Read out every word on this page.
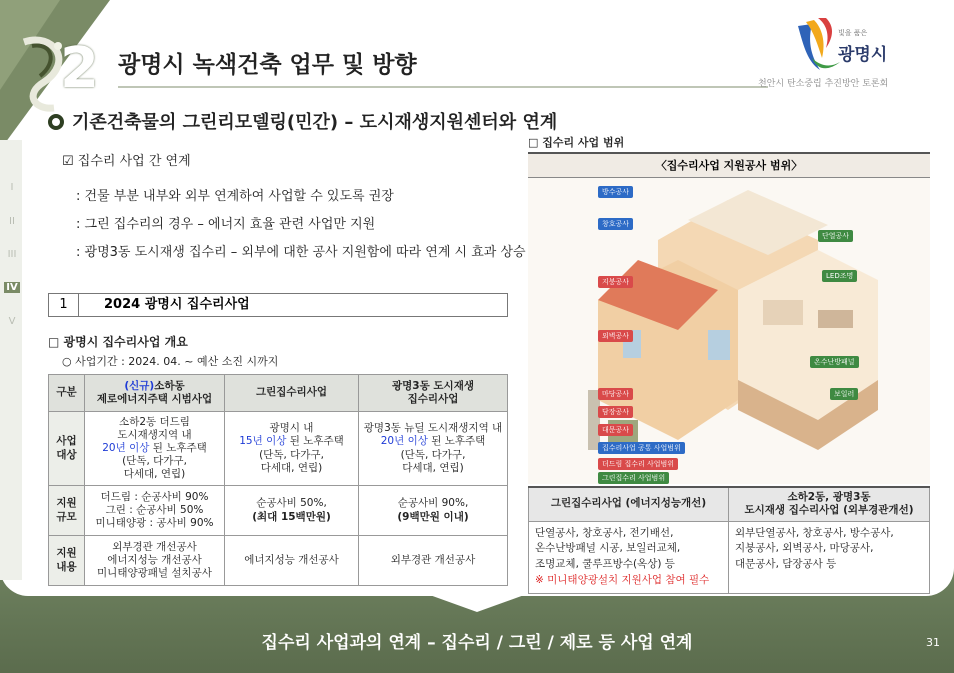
2
I
II
III
IV
V
광명시 녹색건축 업무 및 방향
빛을 품은
광명시
천안시 탄소중립 추진방안 토론회
기존건축물의 그린리모델링(민간) – 도시재생지원센터와 연계
☑ 집수리 사업 간 연계
: 건물 부분 내부와 외부 연계하여 사업할 수 있도록 권장
: 그린 집수리의 경우 – 에너지 효율 관련 사업만 지원
: 광명3동 도시재생 집수리 – 외부에 대한 공사 지원함에 따라 연계 시 효과 상승
1	2024 광명시 집수리사업
□ 광명시 집수리사업 개요
○ 사업기간 : 2024. 04. ~ 예산 소진 시까지
구분	(신규)소하동
제로에너지주택 시범사업	그린집수리사업	광명3동 도시재생
집수리사업
사업
대상	소하2동 더드림
도시재생지역 내
20년 이상 된 노후주택
(단독, 다가구,
다세대, 연립)	광명시 내
15년 이상 된 노후주택
(단독, 다가구,
다세대, 연립)	광명3동 뉴딜 도시재생지역 내
20년 이상 된 노후주택
(단독, 다가구,
다세대, 연립)
지원
규모	더드림 : 순공사비 90%
그린 : 순공사비 50%
미니태양광 : 공사비 90%	순공사비 50%,
(최대 15백만원)	순공사비 90%,
(9백만원 이내)
지원
내용	외부경관 개선공사
에너지성능 개선공사
미니태양광패널 설치공사	에너지성능 개선공사	외부경관 개선공사
□ 집수리 사업 범위
〈집수리사업 지원공사 범위〉
방수공사
창호공사
단열공사
지붕공사
LED조명
외벽공사
온수난방패널
마당공사
담장공사
대문공사
보일러
집수리사업 공통 사업범위
더드림 집수리 사업범위
그린집수리 사업범위
그린집수리사업 (에너지성능개선)	소하2동, 광명3동
도시재생 집수리사업 (외부경관개선)
단열공사, 창호공사, 전기배선,
온수난방패널 시공, 보일러교체,
조명교체, 쿨루프방수(옥상) 등
※ 미니태양광설치 지원사업 참여 필수	외부단열공사, 창호공사, 방수공사,
지붕공사, 외벽공사, 마당공사,
대문공사, 담장공사 등
집수리 사업과의 연계 – 집수리 / 그린 / 제로 등 사업 연계	31
